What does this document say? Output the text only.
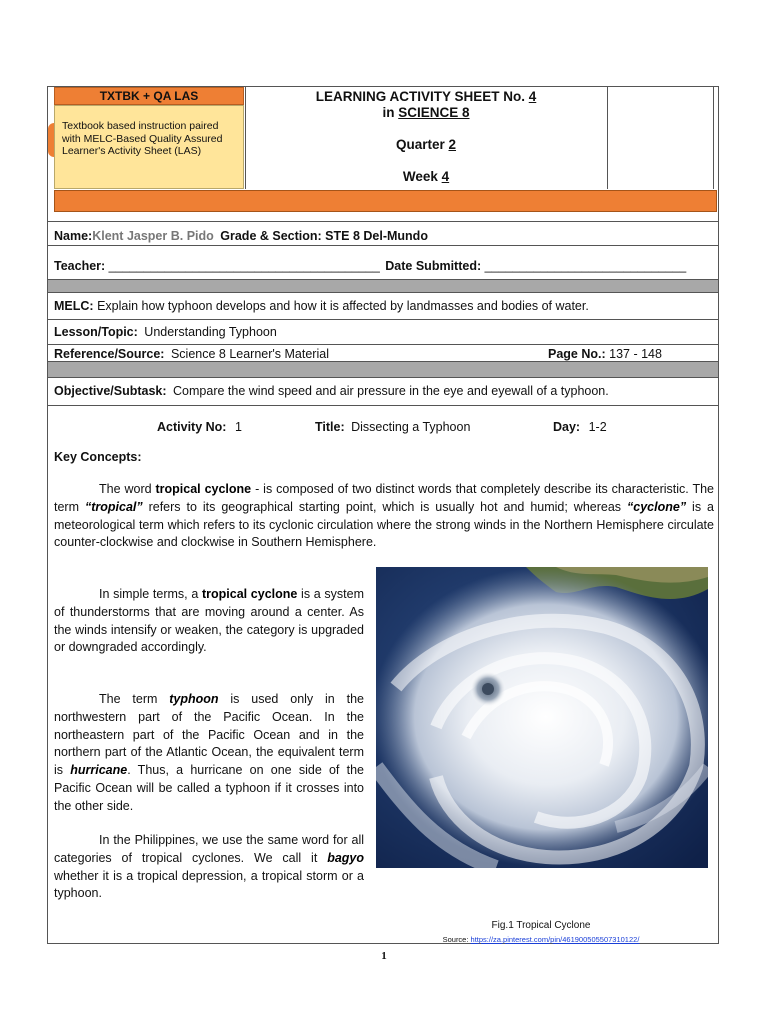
TXTBK + QA LAS
Textbook based instruction paired with MELC-Based Quality Assured Learner's Activity Sheet (LAS)
LEARNING ACTIVITY SHEET No. 4
in SCIENCE 8
Quarter 2
Week 4
Name:Klent Jasper B. Pido Grade & Section: STE 8 Del-Mundo
Teacher: _______________________________________ Date Submitted: _____________________________
MELC: Explain how typhoon develops and how it is affected by landmasses and bodies of water.
Lesson/Topic: Understanding Typhoon
Reference/Source: Science 8 Learner's Material	Page No.: 137 - 148
Objective/Subtask: Compare the wind speed and air pressure in the eye and eyewall of a typhoon.
Activity No: 1	Title: Dissecting a Typhoon	Day: 1-2
Key Concepts:
The word tropical cyclone - is composed of two distinct words that completely describe its characteristic. The term “tropical” refers to its geographical starting point, which is usually hot and humid; whereas “cyclone” is a meteorological term which refers to its cyclonic circulation where the strong winds in the Northern Hemisphere circulate counter-clockwise and clockwise in Southern Hemisphere.
In simple terms, a tropical cyclone is a system of thunderstorms that are moving around a center. As the winds intensify or weaken, the category is upgraded or downgraded accordingly.
The term typhoon is used only in the northwestern part of the Pacific Ocean. In the northeastern part of the Pacific Ocean and in the northern part of the Atlantic Ocean, the equivalent term is hurricane. Thus, a hurricane on one side of the Pacific Ocean will be called a typhoon if it crosses into the other side.
In the Philippines, we use the same word for all categories of tropical cyclones. We call it bagyo whether it is a tropical depression, a tropical storm or a typhoon.
Fig.1 Tropical Cyclone
Source: https://za.pinterest.com/pin/461900505507310122/
1
